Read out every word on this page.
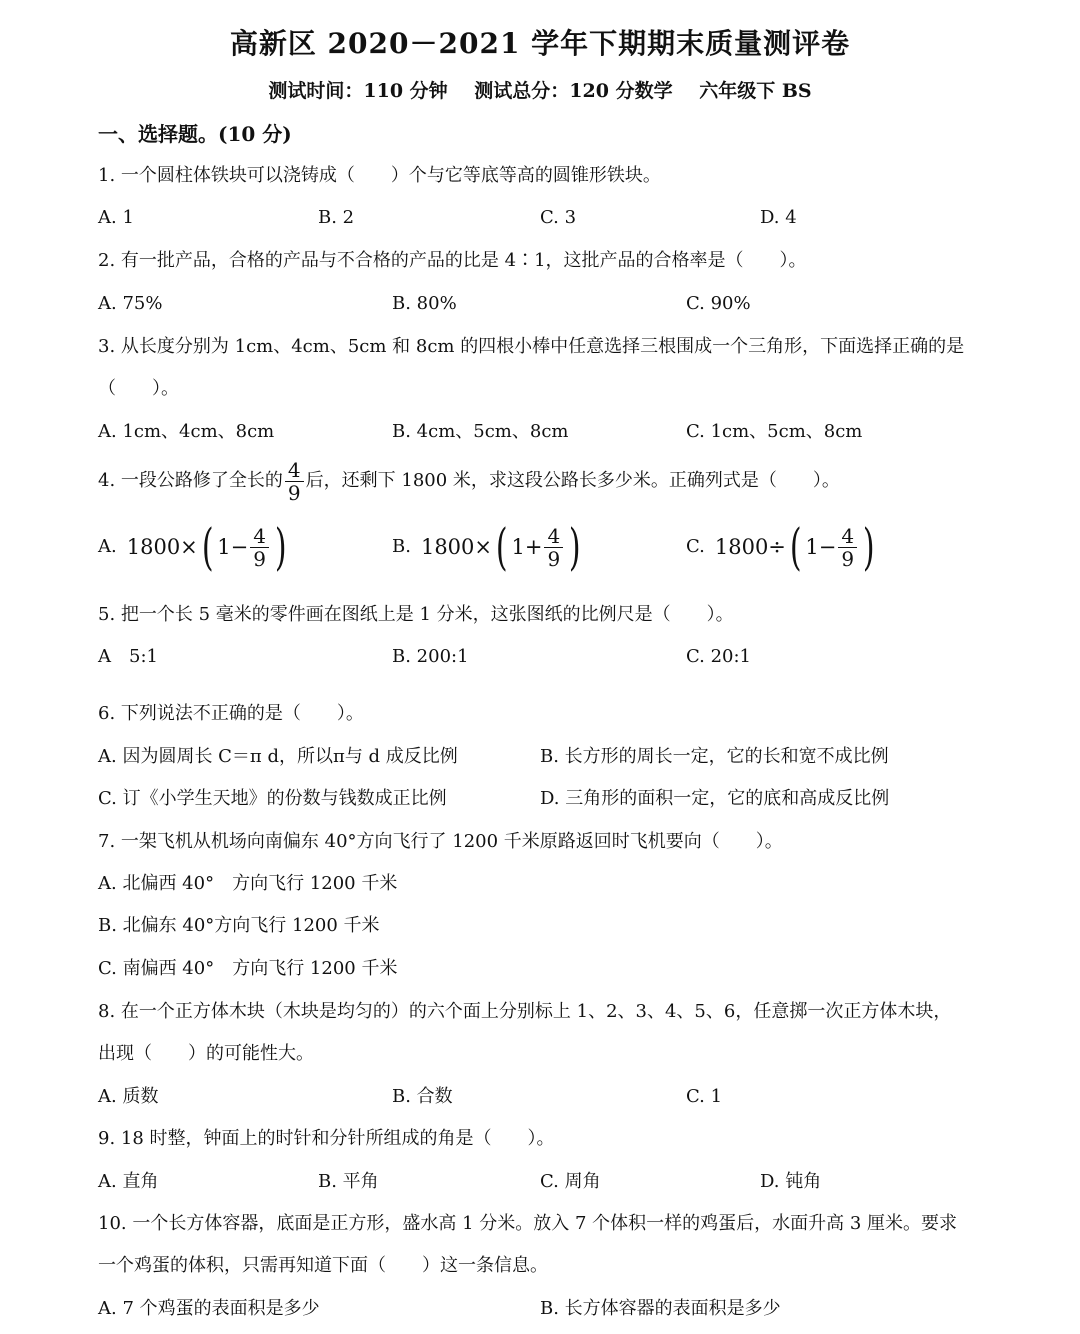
高新区 2020－2021 学年下期期末质量测评卷
测试时间：110 分钟 测试总分：120 分数学 六年级下 BS
一、选择题。(10 分)
1. 一个圆柱体铁块可以浇铸成（　　）个与它等底等高的圆锥形铁块。
A. 1	B. 2	C. 3	D. 4
2. 有一批产品，合格的产品与不合格的产品的比是 4∶1，这批产品的合格率是（　　）。
A. 75%	B. 80%	C. 90%
3. 从长度分别为 1cm、4cm、5cm 和 8cm 的四根小棒中任意选择三根围成一个三角形，下面选择正确的是
（　　）。
A. 1cm、4cm、8cm	B. 4cm、5cm、8cm	C. 1cm、5cm、8cm
4. 一段公路修了全长的 $\frac{4}{9}$ 后，还剩下 1800 米，求这段公路长多少米。正确列式是（　　）。
A. 1800× ( $1- \frac{4}{9}$ )	B. 1800× ( $1+ \frac{4}{9}$ )	C. 1800÷ ( $1- \frac{4}{9}$ )
5. 把一个长 5 毫米的零件画在图纸上是 1 分米，这张图纸的比例尺是（　　）。
A　5:1	B. 200:1	C. 20:1
6. 下列说法不正确的是（　　）。
A. 因为圆周长 C＝π d，所以π与 d 成反比例	B. 长方形的周长一定，它的长和宽不成比例
C. 订《小学生天地》的份数与钱数成正比例	D. 三角形的面积一定，它的底和高成反比例
7. 一架飞机从机场向南偏东 40°方向飞行了 1200 千米原路返回时飞机要向（　　）。
A. 北偏西 40°　方向飞行 1200 千米
B. 北偏东 40°方向飞行 1200 千米
C. 南偏西 40°　方向飞行 1200 千米
8. 在一个正方体木块（木块是均匀的）的六个面上分别标上 1、2、3、4、5、6，任意掷一次正方体木块，
出现（　　）的可能性大。
A. 质数	B. 合数	C. 1
9. 18 时整，钟面上的时针和分针所组成的角是（　　）。
A. 直角	B. 平角	C. 周角	D. 钝角
10. 一个长方体容器，底面是正方形，盛水高 1 分米。放入 7 个体积一样的鸡蛋后，水面升高 3 厘米。要求
一个鸡蛋的体积，只需再知道下面（　　）这一条信息。
A. 7 个鸡蛋的表面积是多少	B. 长方体容器的表面积是多少
